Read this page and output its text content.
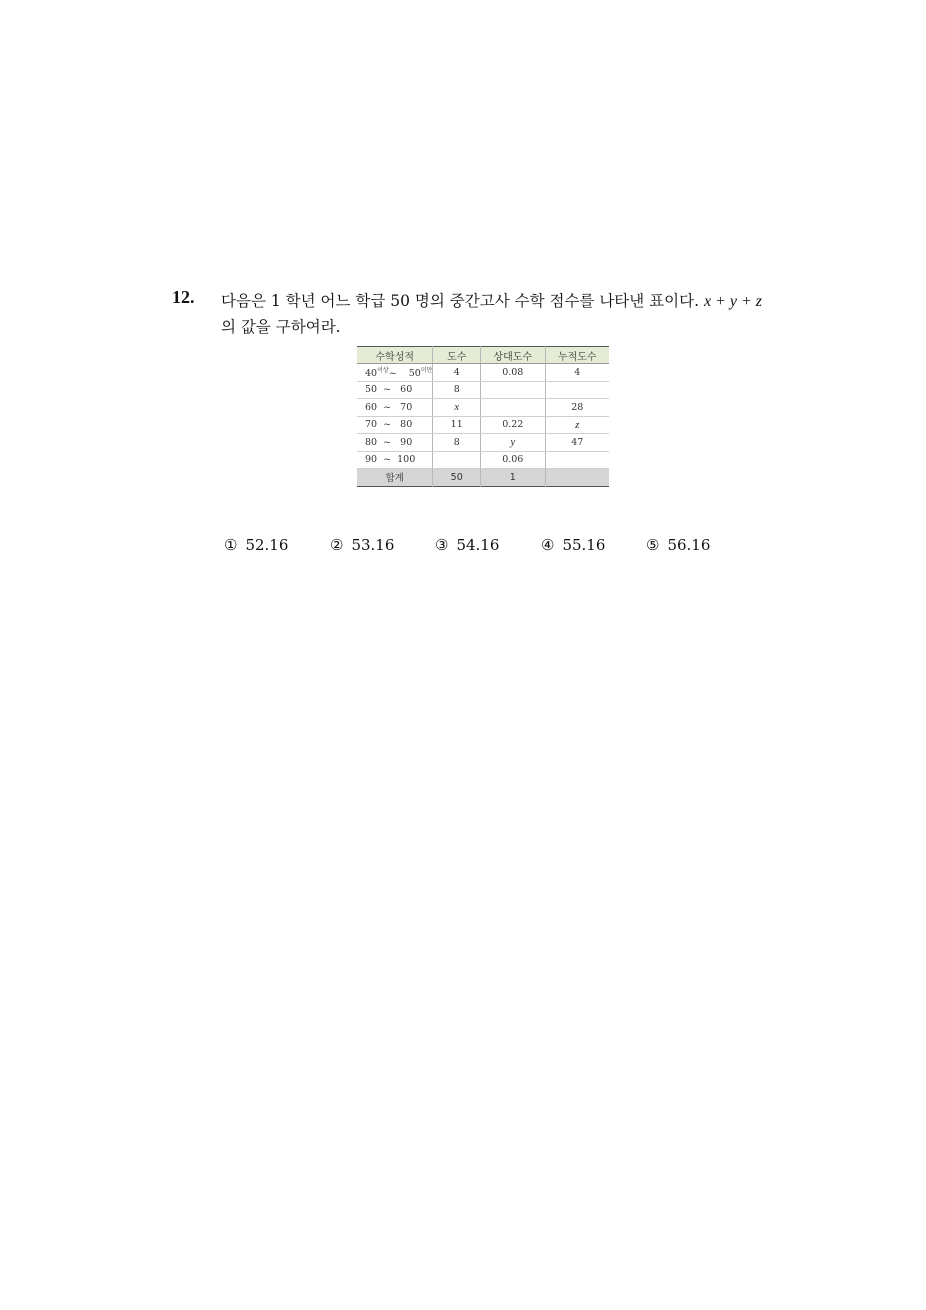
12. 다음은 1 학년 어느 학급 50 명의 중간고사 수학 점수를 나타낸 표이다. x + y + z
의 값을 구하여라.
수학성적	도수	상대도수	누적도수
$40^{이상}\sim$    $50^{미만}$	4	0.08	4
50  ~   60	8		
60  ~   70	x		28
70  ~   80	11	0.22	z
80  ~   90	8	y	47
90  ~  100		0.06	
합계	50	1	
① 52.16	② 53.16	③ 54.16	④ 55.16	⑤ 56.16
